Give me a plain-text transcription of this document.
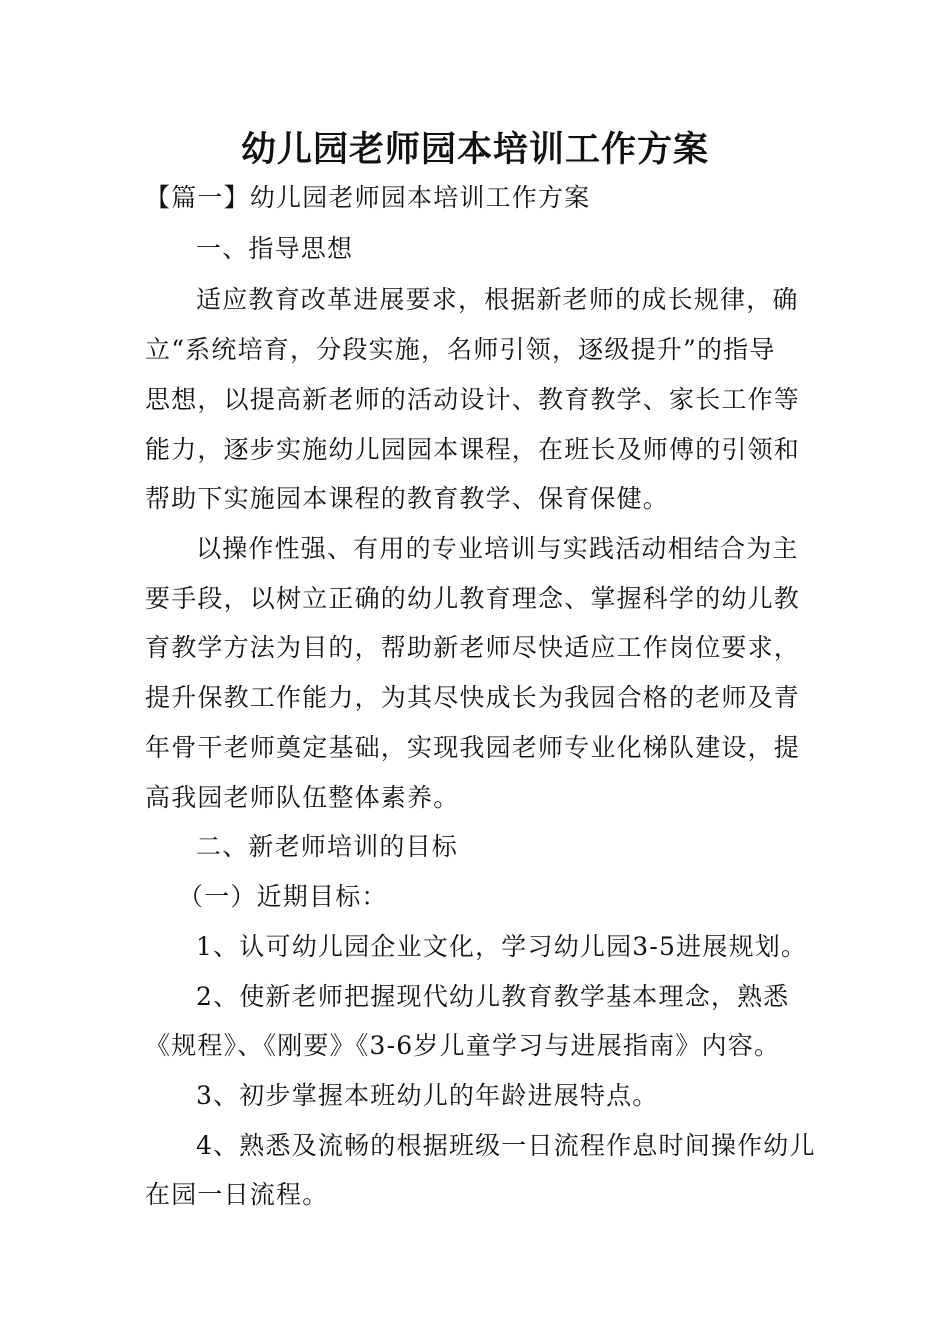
幼儿园老师园本培训工作方案
【篇一】幼儿园老师园本培训工作方案
一、指导思想
适应教育改革进展要求，根据新老师的成长规律，确
立“系统培育，分段实施，名师引领，逐级提升”的指导
思想，以提高新老师的活动设计、教育教学、家长工作等
能力，逐步实施幼儿园园本课程，在班长及师傅的引领和
帮助下实施园本课程的教育教学、保育保健。
以操作性强、有用的专业培训与实践活动相结合为主
要手段，以树立正确的幼儿教育理念、掌握科学的幼儿教
育教学方法为目的，帮助新老师尽快适应工作岗位要求，
提升保教工作能力，为其尽快成长为我园合格的老师及青
年骨干老师奠定基础，实现我园老师专业化梯队建设，提
高我园老师队伍整体素养。
二、新老师培训的目标
（一）近期目标：
1、认可幼儿园企业文化，学习幼儿园3-5进展规划。
2、使新老师把握现代幼儿教育教学基本理念，熟悉
《规程》、《刚要》《3-6岁儿童学习与进展指南》内容。
3、初步掌握本班幼儿的年龄进展特点。
4、熟悉及流畅的根据班级一日流程作息时间操作幼儿
在园一日流程。
